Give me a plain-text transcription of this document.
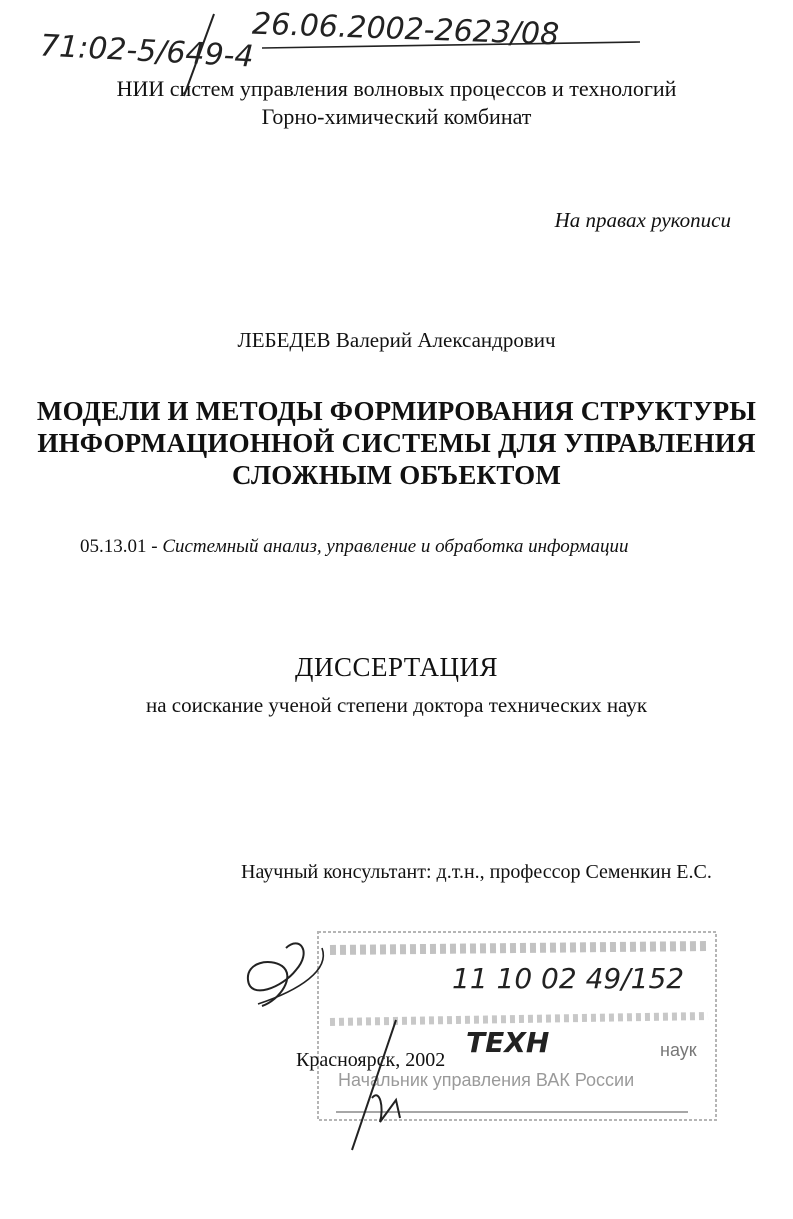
71:02-5/649-4
26.06.2002-2623/08
НИИ систем управления волновых процессов и технологий
Горно-химический комбинат
На правах рукописи
ЛЕБЕДЕВ Валерий Александрович
МОДЕЛИ И МЕТОДЫ ФОРМИРОВАНИЯ СТРУКТУРЫ
ИНФОРМАЦИОННОЙ СИСТЕМЫ ДЛЯ УПРАВЛЕНИЯ
СЛОЖНЫМ ОБЪЕКТОМ
05.13.01 - Системный анализ, управление и обработка информации
ДИССЕРТАЦИЯ
на соискание ученой степени доктора технических наук
Научный консультант: д.т.н., профессор Семенкин Е.С.
наук
Начальник управления ВАК России
11 10 02 49/152
ТЕХН
Красноярск, 2002
